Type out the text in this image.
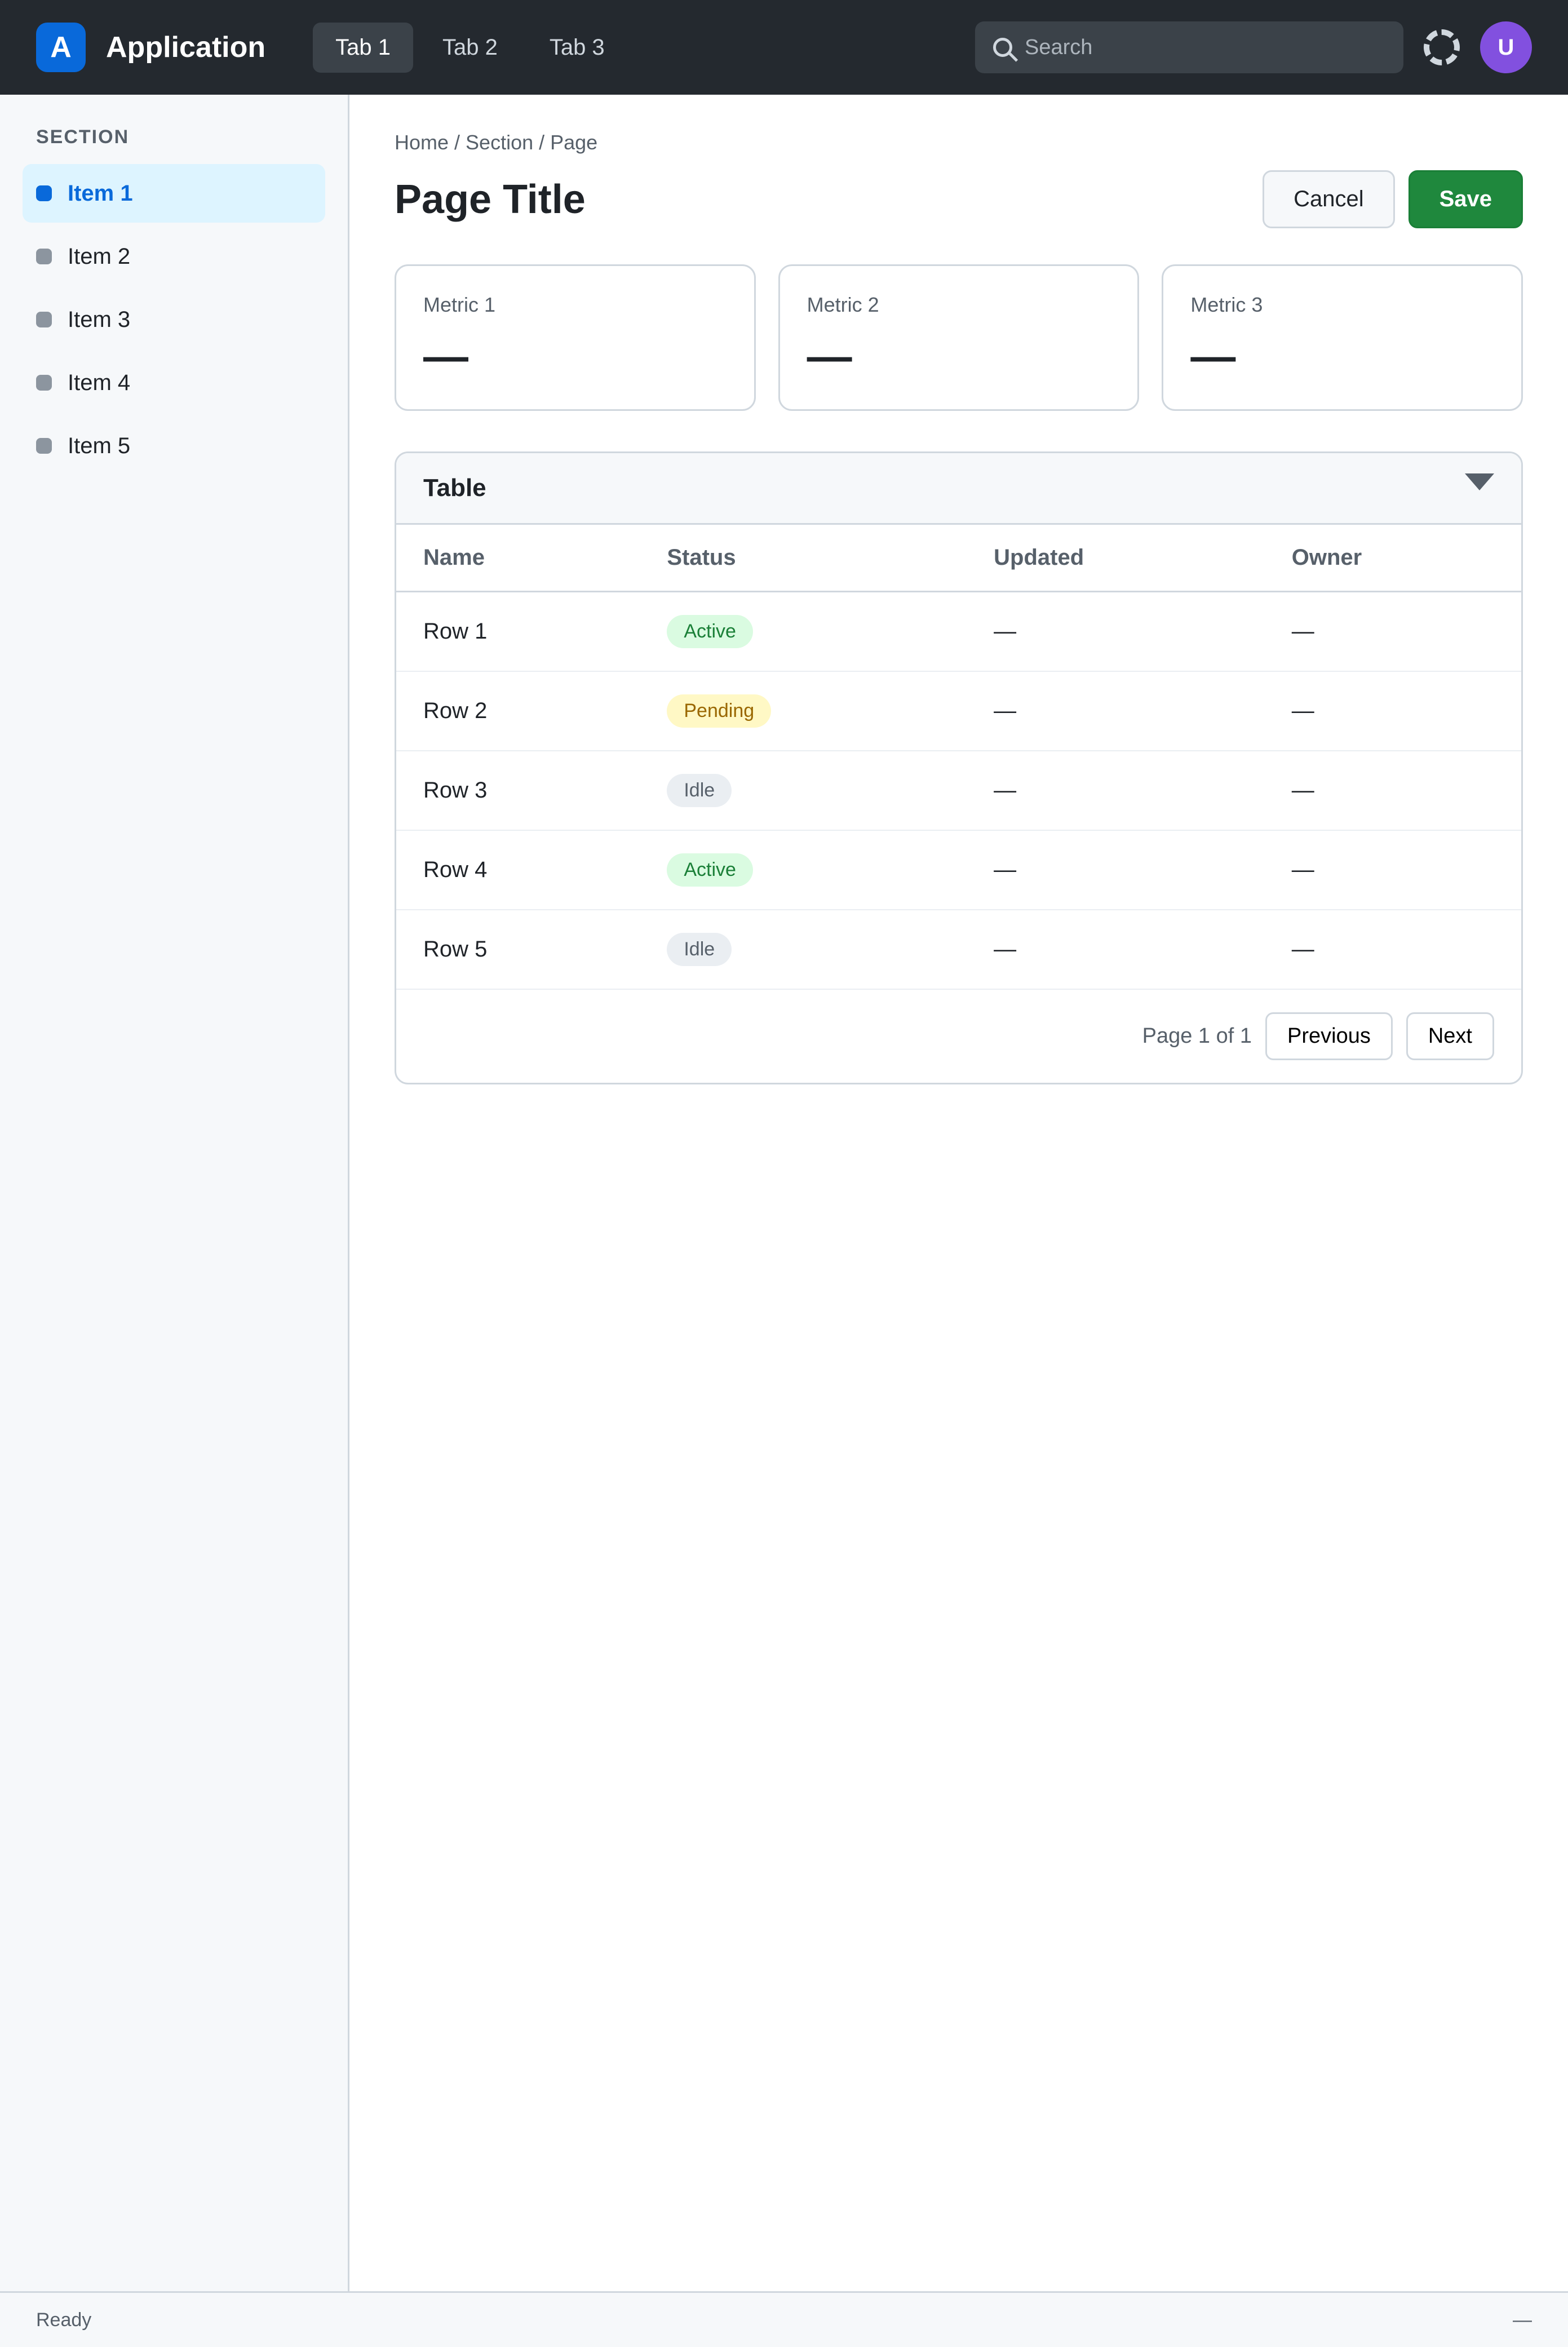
A	Application	Tab 1	Tab 2	Tab 3
Search	U
SECTION
Item 1
Item 2
Item 3
Item 4
Item 5
Home / Section / Page
Page Title	Cancel	Save
Metric 1
—
Metric 2
—
Metric 3
—
Table
Name	Status	Updated	Owner
Row 1	Active	—	—
Row 2	Pending	—	—
Row 3	Idle	—	—
Row 4	Active	—	—
Row 5	Idle	—	—
Page 1 of 1	Previous	Next
Ready	—
